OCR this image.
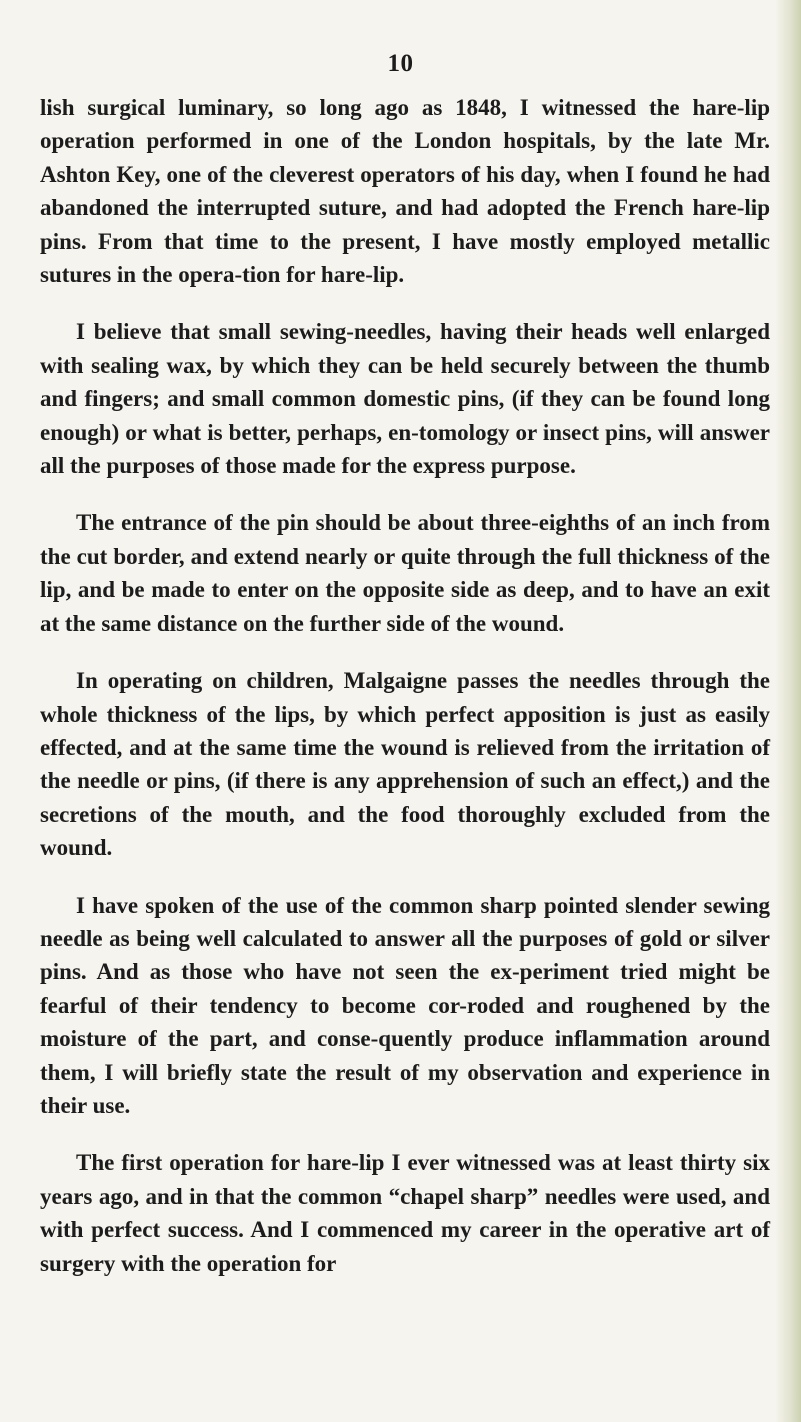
10

lish surgical luminary, so long ago as 1848, I witnessed the hare-lip operation performed in one of the London hospitals, by the late Mr. Ashton Key, one of the cleverest operators of his day, when I found he had abandoned the interrupted suture, and had adopted the French hare-lip pins. From that time to the present, I have mostly employed metallic sutures in the opera-tion for hare-lip.

I believe that small sewing-needles, having their heads well enlarged with sealing wax, by which they can be held securely between the thumb and fingers; and small common domestic pins, (if they can be found long enough) or what is better, perhaps, en-tomology or insect pins, will answer all the purposes of those made for the express purpose.

The entrance of the pin should be about three-eighths of an inch from the cut border, and extend nearly or quite through the full thickness of the lip, and be made to enter on the opposite side as deep, and to have an exit at the same distance on the further side of the wound.

In operating on children, Malgaigne passes the needles through the whole thickness of the lips, by which perfect apposition is just as easily effected, and at the same time the wound is relieved from the irritation of the needle or pins, (if there is any apprehension of such an effect,) and the secretions of the mouth, and the food thoroughly excluded from the wound.

I have spoken of the use of the common sharp pointed slender sewing needle as being well calculated to answer all the purposes of gold or silver pins. And as those who have not seen the ex-periment tried might be fearful of their tendency to become cor-roded and roughened by the moisture of the part, and conse-quently produce inflammation around them, I will briefly state the result of my observation and experience in their use.

The first operation for hare-lip I ever witnessed was at least thirty six years ago, and in that the common “chapel sharp” needles were used, and with perfect success. And I commenced my career in the operative art of surgery with the operation for
